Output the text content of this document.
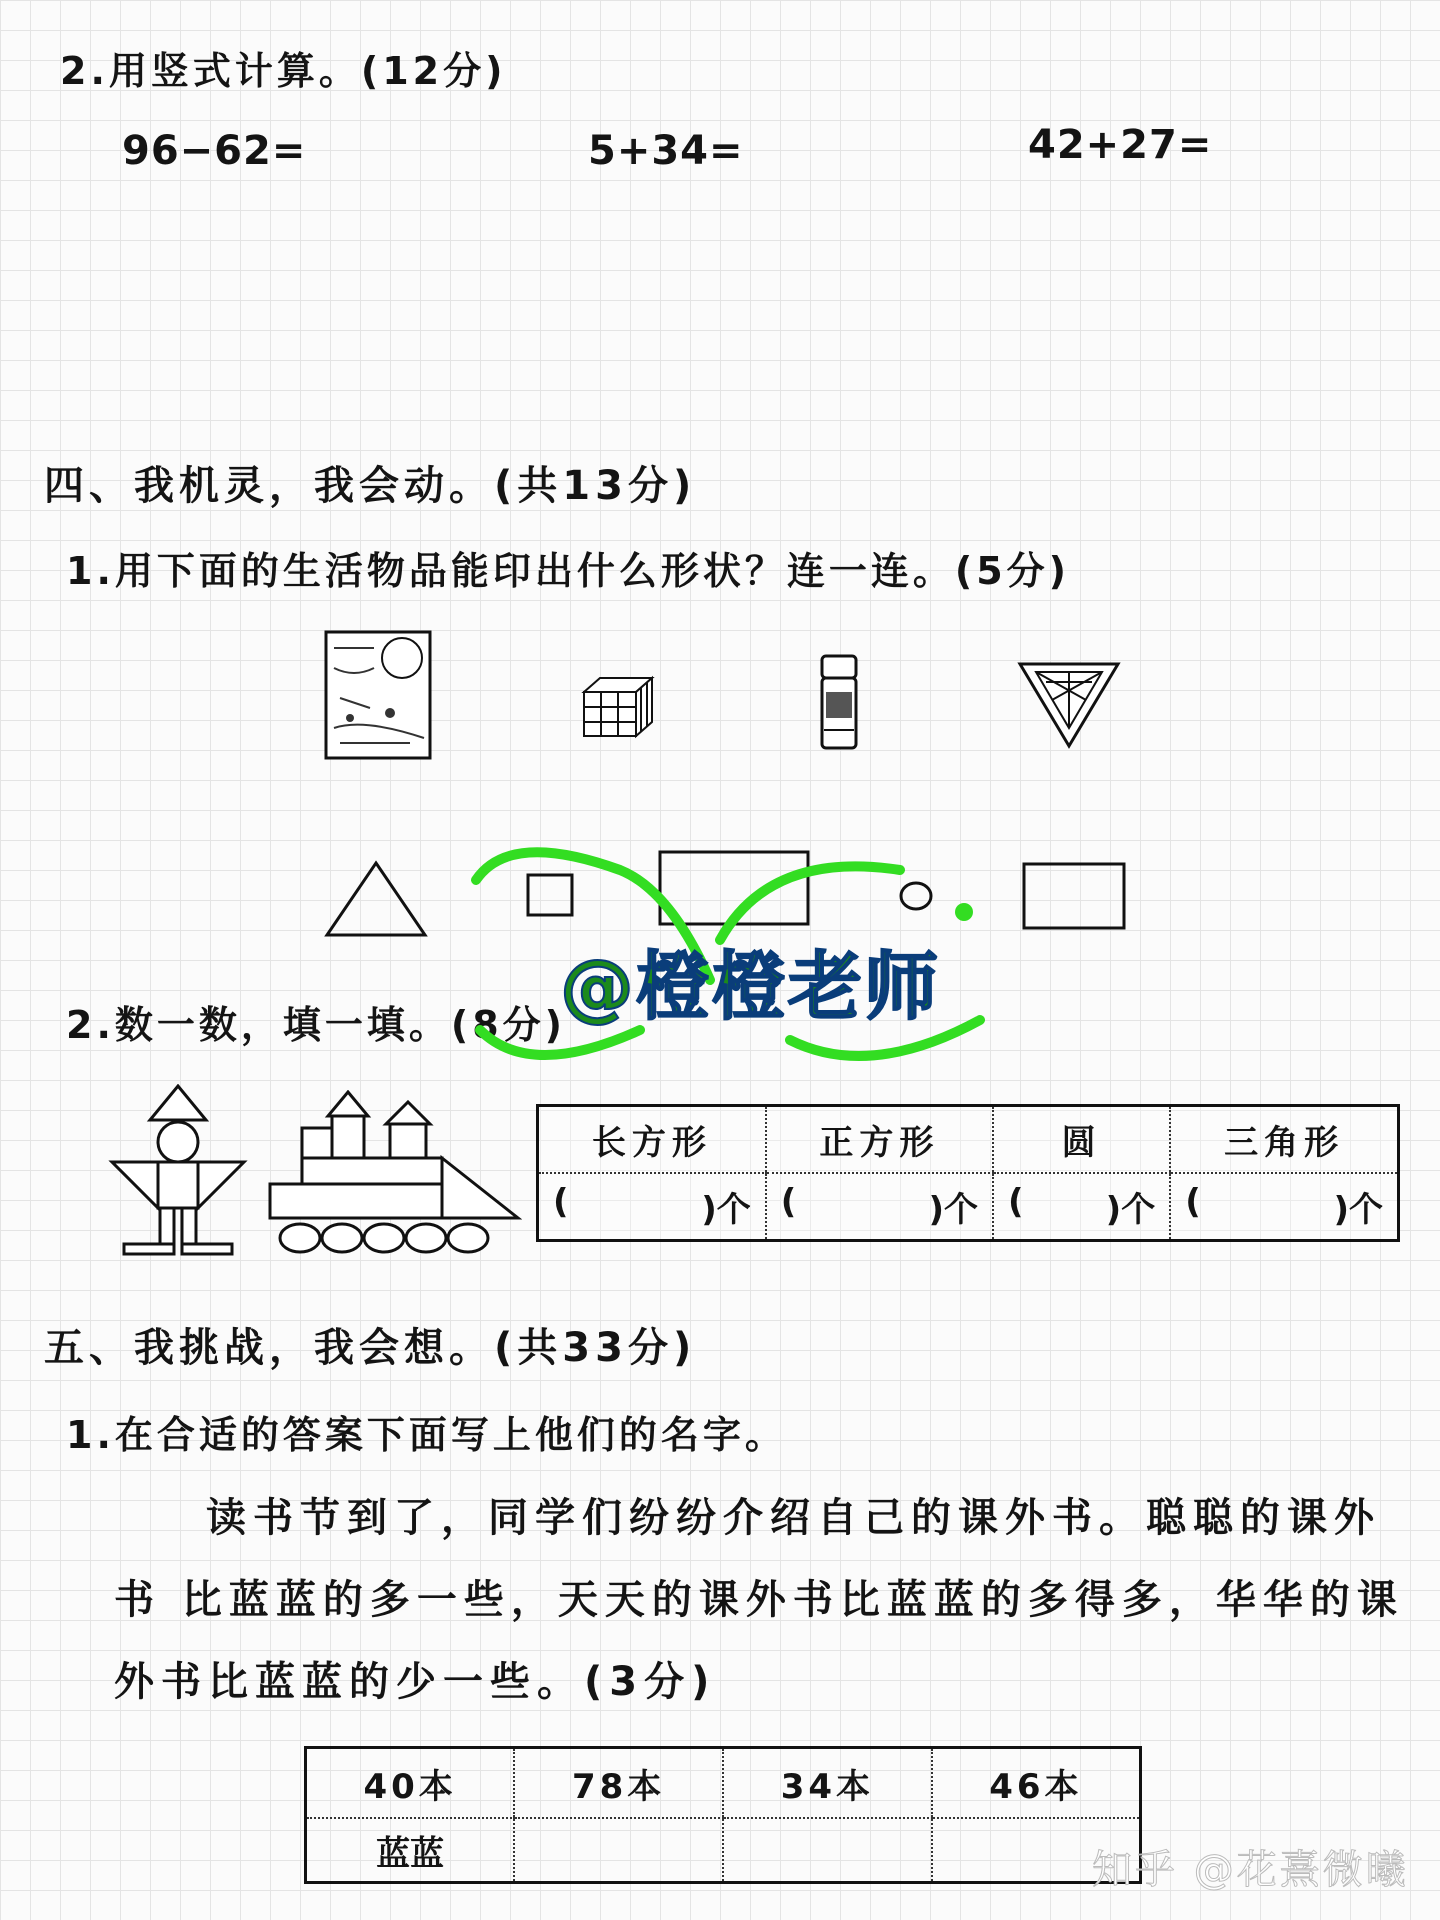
2.用竖式计算。(12分)
96−62=	5+34=	42+27=
四、我机灵，我会动。(共13分)
1.用下面的生活物品能印出什么形状？连一连。(5分)
2.数一数，填一填。(8分)
长方形	正方形	圆	三角形

( )个	( )个	( )个	( )个
五、我挑战，我会想。(共33分)
1.在合适的答案下面写上他们的名字。
读书节到了，同学们纷纷介绍自己的课外书。聪聪的课外
书 比蓝蓝的多一些，天天的课外书比蓝蓝的多得多，华华的课
外书比蓝蓝的少一些。(3分)
40本	78本	34本	46本
蓝蓝			
@橙橙老师
知乎 @花熹微曦
